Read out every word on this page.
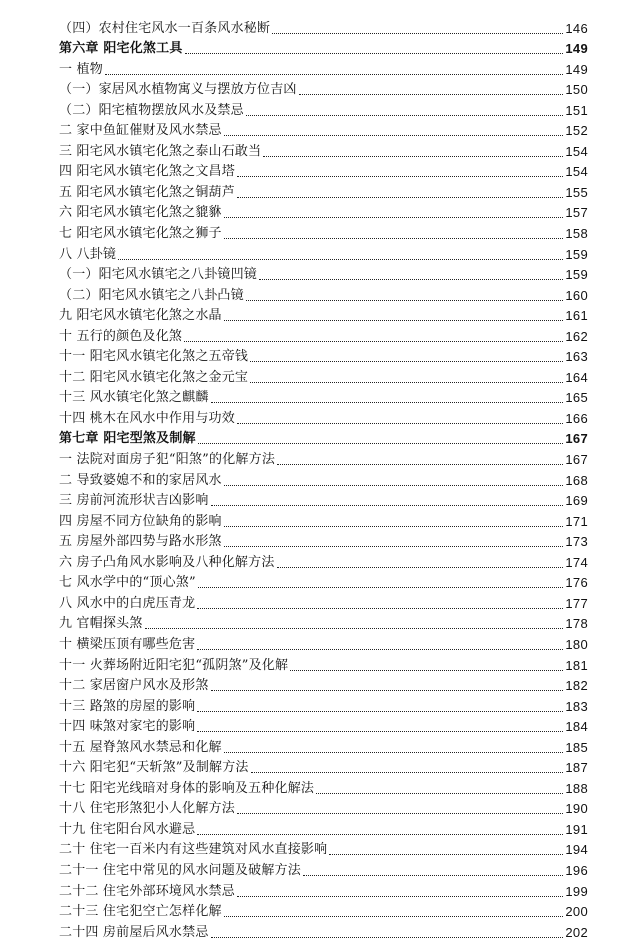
（四）农村住宅风水一百条风水秘断	146
第六章 阳宅化煞工具	149
一 植物	149
（一）家居风水植物寓义与摆放方位吉凶	150
（二）阳宅植物摆放风水及禁忌	151
二 家中鱼缸催财及风水禁忌	152
三 阳宅风水镇宅化煞之泰山石敢当	154
四 阳宅风水镇宅化煞之文昌塔	154
五 阳宅风水镇宅化煞之铜葫芦	155
六 阳宅风水镇宅化煞之貔貅	157
七 阳宅风水镇宅化煞之狮子	158
八 八卦镜	159
（一）阳宅风水镇宅之八卦镜凹镜	159
（二）阳宅风水镇宅之八卦凸镜	160
九 阳宅风水镇宅化煞之水晶	161
十 五行的颜色及化煞	162
十一 阳宅风水镇宅化煞之五帝钱	163
十二 阳宅风水镇宅化煞之金元宝	164
十三 风水镇宅化煞之麒麟	165
十四 桃木在风水中作用与功效	166
第七章 阳宅型煞及制解	167
一 法院对面房子犯“阳煞”的化解方法	167
二 导致婆媳不和的家居风水	168
三 房前河流形状吉凶影响	169
四 房屋不同方位缺角的影响	171
五 房屋外部四势与路水形煞	173
六 房子凸角风水影响及八种化解方法	174
七 风水学中的“顶心煞”	176
八 风水中的白虎压青龙	177
九 官帽探头煞	178
十 横梁压顶有哪些危害	180
十一 火葬场附近阳宅犯“孤阴煞”及化解	181
十二 家居窗户风水及形煞	182
十三 路煞的房屋的影响	183
十四 味煞对家宅的影响	184
十五 屋脊煞风水禁忌和化解	185
十六 阳宅犯“天斩煞”及制解方法	187
十七 阳宅光线暗对身体的影响及五种化解法	188
十八 住宅形煞犯小人化解方法	190
十九 住宅阳台风水避忌	191
二十 住宅一百米内有这些建筑对风水直接影响	194
二十一 住宅中常见的风水问题及破解方法	196
二十二 住宅外部环境风水禁忌	199
二十三 住宅犯空亡怎样化解	200
二十四 房前屋后风水禁忌	202
